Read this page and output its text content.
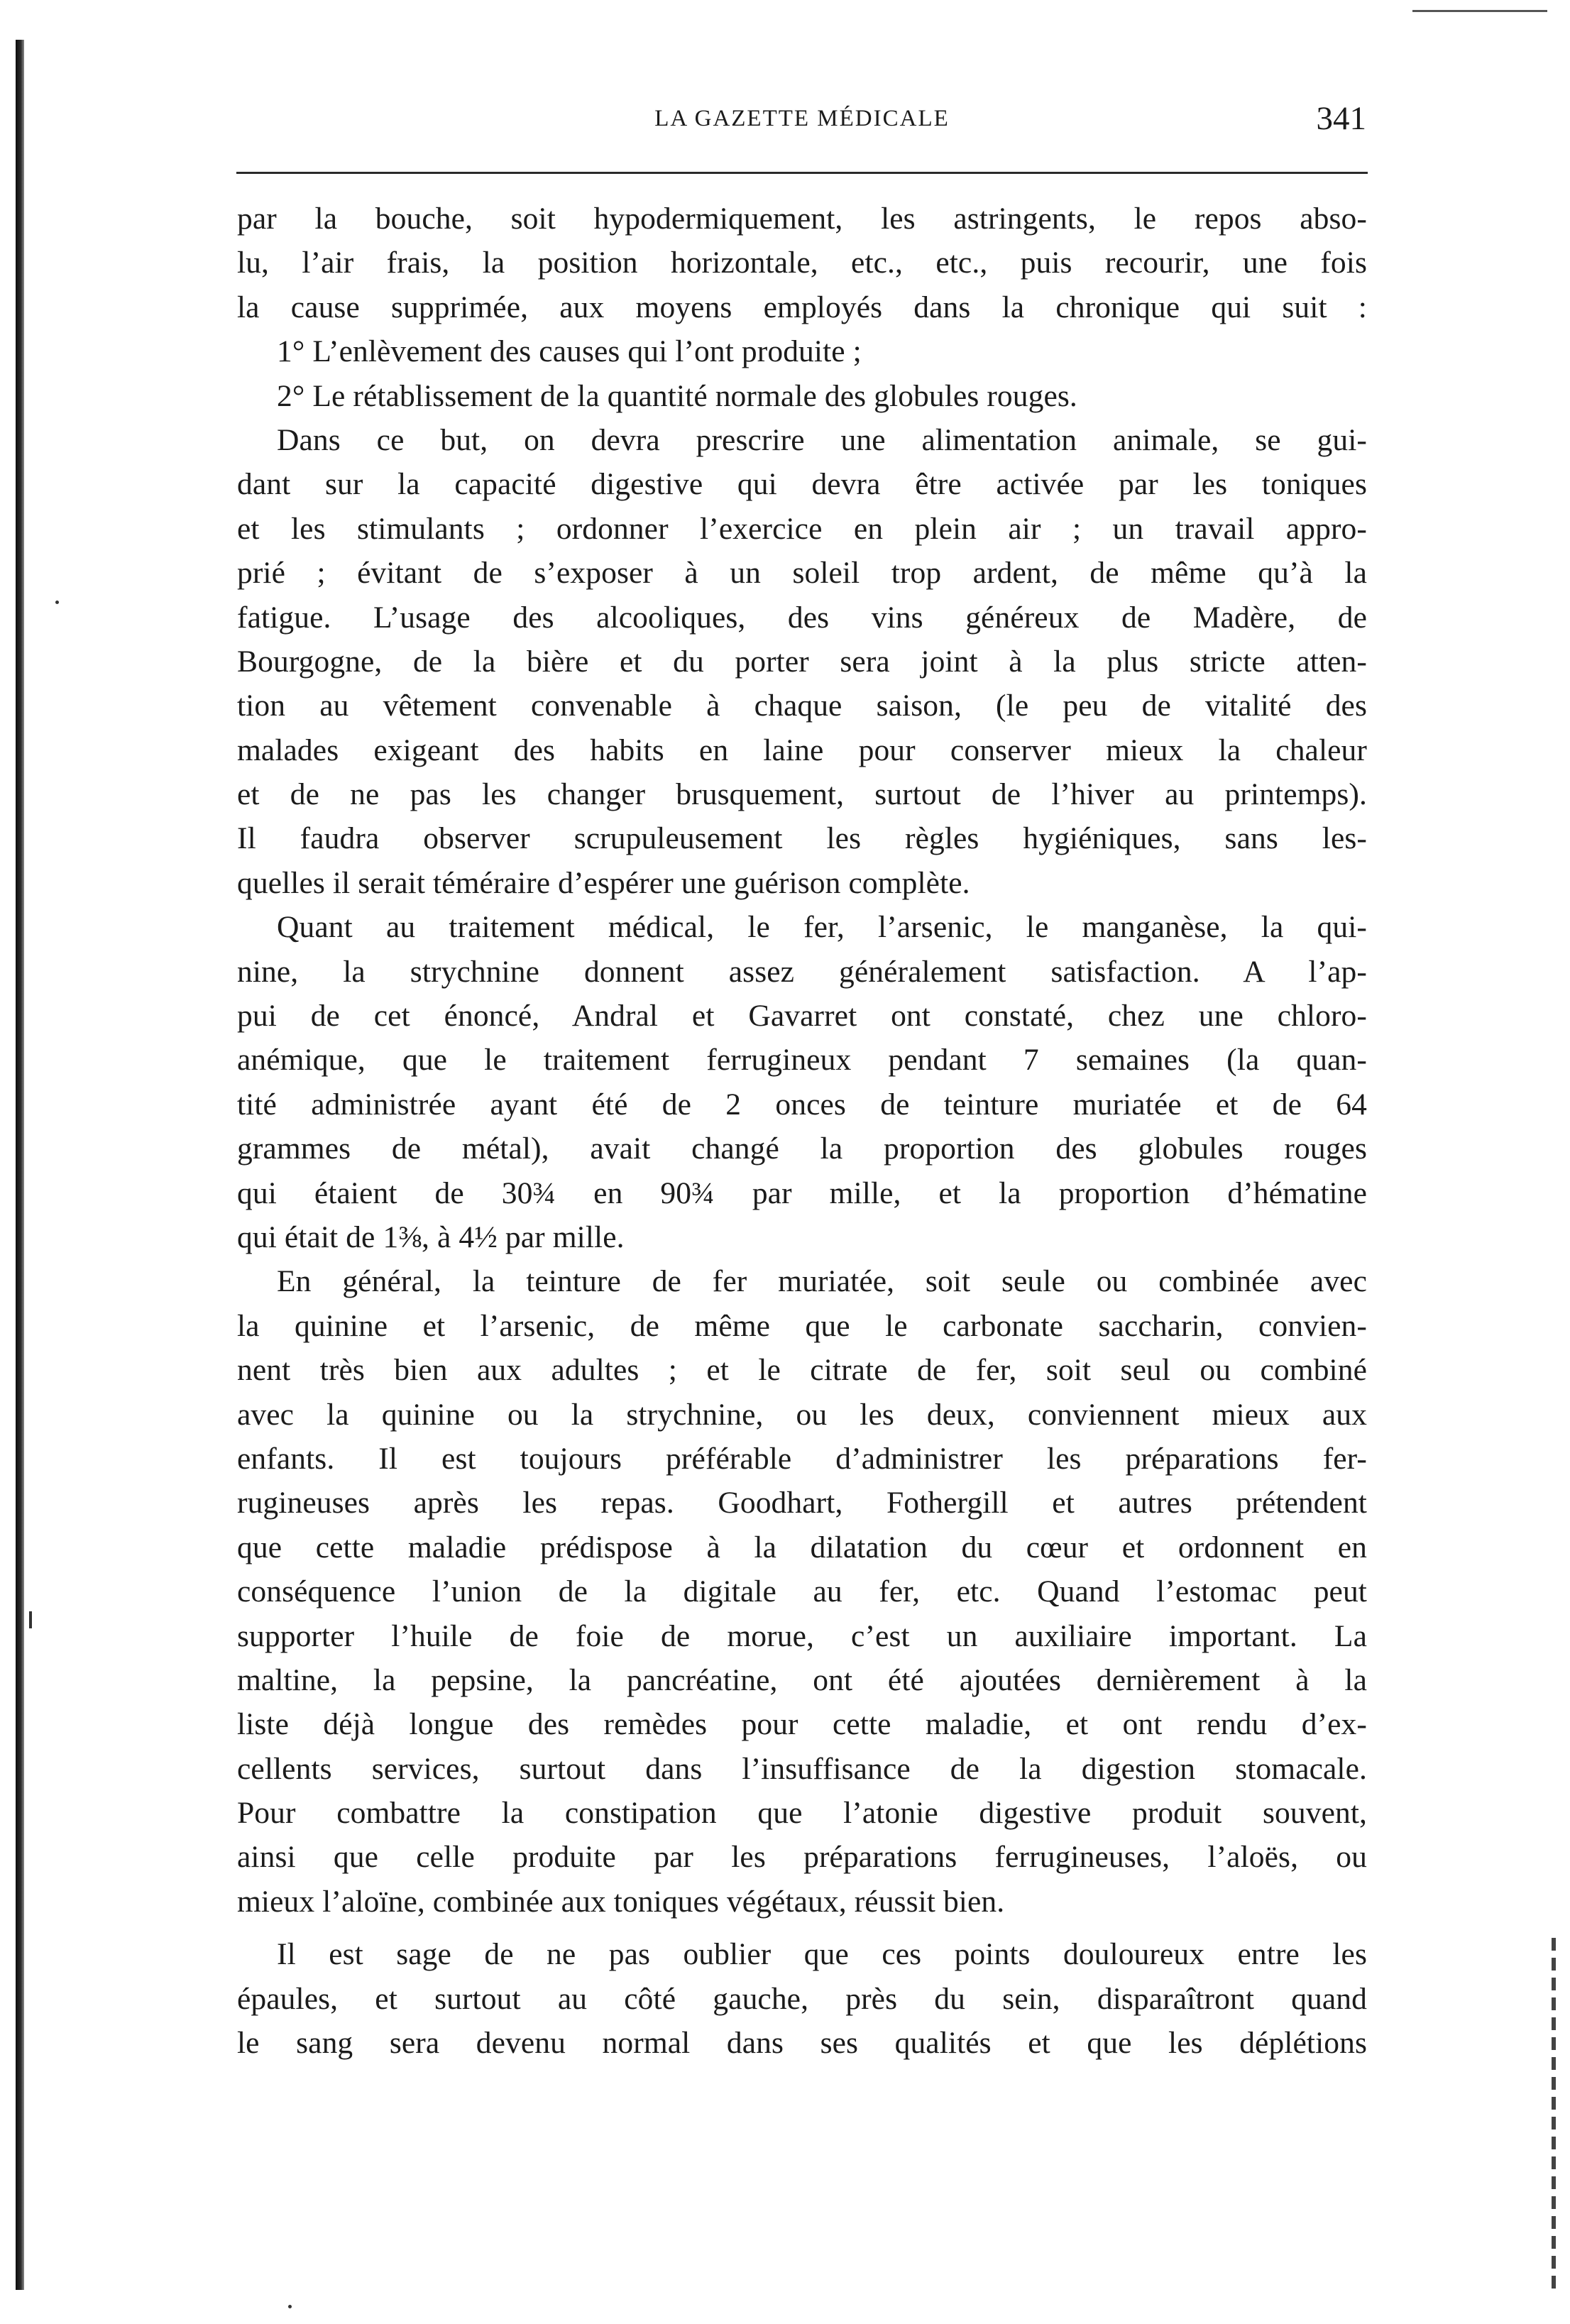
LA GAZETTE MÉDICALE	341
par la bouche, soit hypodermiquement, les astringents, le repos abso-
lu, l’air frais, la position horizontale, etc., etc., puis recourir, une fois
la cause supprimée, aux moyens employés dans la chronique qui suit :
1° L’enlèvement des causes qui l’ont produite ;
2° Le rétablissement de la quantité normale des globules rouges.
Dans ce but, on devra prescrire une alimentation animale, se gui-
dant sur la capacité digestive qui devra être activée par les toniques
et les stimulants ; ordonner l’exercice en plein air ; un travail appro-
prié ; évitant de s’exposer à un soleil trop ardent, de même qu’à la
fatigue. L’usage des alcooliques, des vins généreux de Madère, de
Bourgogne, de la bière et du porter sera joint à la plus stricte atten-
tion au vêtement convenable à chaque saison, (le peu de vitalité des
malades exigeant des habits en laine pour conserver mieux la chaleur
et de ne pas les changer brusquement, surtout de l’hiver au printemps).
Il faudra observer scrupuleusement les règles hygiéniques, sans les-
quelles il serait téméraire d’espérer une guérison complète.
Quant au traitement médical, le fer, l’arsenic, le manganèse, la qui-
nine, la strychnine donnent assez généralement satisfaction. A l’ap-
pui de cet énoncé, Andral et Gavarret ont constaté, chez une chloro-
anémique, que le traitement ferrugineux pendant 7 semaines (la quan-
tité administrée ayant été de 2 onces de teinture muriatée et de 64
grammes de métal), avait changé la proportion des globules rouges
qui étaient de 30¾ en 90¾ par mille, et la proportion d’hématine
qui était de 1⅜, à 4½ par mille.
En général, la teinture de fer muriatée, soit seule ou combinée avec
la quinine et l’arsenic, de même que le carbonate saccharin, convien-
nent très bien aux adultes ; et le citrate de fer, soit seul ou combiné
avec la quinine ou la strychnine, ou les deux, conviennent mieux aux
enfants. Il est toujours préférable d’administrer les préparations fer-
rugineuses après les repas. Goodhart, Fothergill et autres prétendent
que cette maladie prédispose à la dilatation du cœur et ordonnent en
conséquence l’union de la digitale au fer, etc. Quand l’estomac peut
supporter l’huile de foie de morue, c’est un auxiliaire important. La
maltine, la pepsine, la pancréatine, ont été ajoutées dernièrement à la
liste déjà longue des remèdes pour cette maladie, et ont rendu d’ex-
cellents services, surtout dans l’insuffisance de la digestion stomacale.
Pour combattre la constipation que l’atonie digestive produit souvent,
ainsi que celle produite par les préparations ferrugineuses, l’aloës, ou
mieux l’aloïne, combinée aux toniques végétaux, réussit bien.
Il est sage de ne pas oublier que ces points douloureux entre les
épaules, et surtout au côté gauche, près du sein, disparaîtront quand
le sang sera devenu normal dans ses qualités et que les déplétions
